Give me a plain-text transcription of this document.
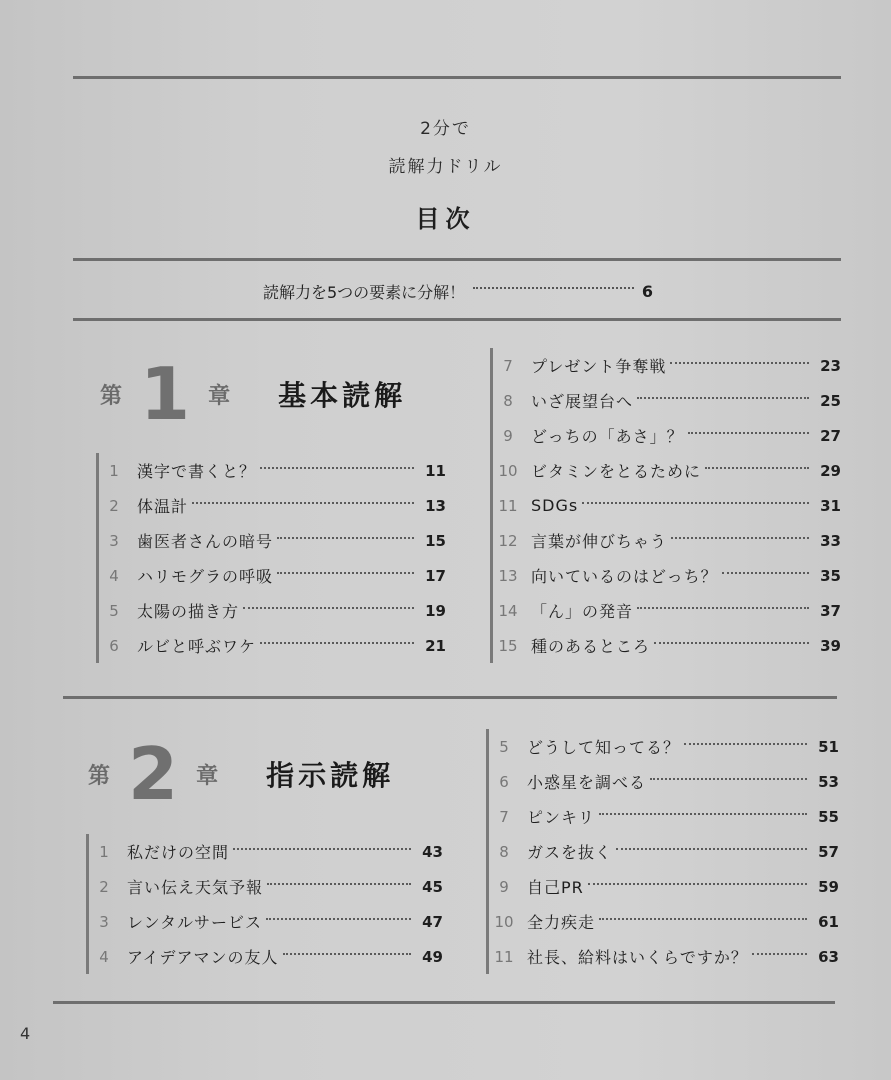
2分で
読解力ドリル
目次
読解力を5つの要素に分解！	6
第 1 章 基本読解
1	漢字で書くと？	11
2	体温計	13
3	歯医者さんの暗号	15
4	ハリモグラの呼吸	17
5	太陽の描き方	19
6	ルビと呼ぶワケ	21
7	プレゼント争奪戦	23
8	いざ展望台へ	25
9	どっちの「あさ」？	27
10 ビタミンをとるために	29
11 SDGs	31
12 言葉が伸びちゃう	33
13 向いているのはどっち？	35
14 「ん」の発音	37
15 種のあるところ	39
第 2 章 指示読解
1	私だけの空間	43
2	言い伝え天気予報	45
3	レンタルサービス	47
4	アイデアマンの友人	49
5	どうして知ってる？	51
6	小惑星を調べる	53
7	ピンキリ	55
8	ガスを抜く	57
9	自己PR	59
10 全力疾走	61
11 社長、給料はいくらですか？	63
4
